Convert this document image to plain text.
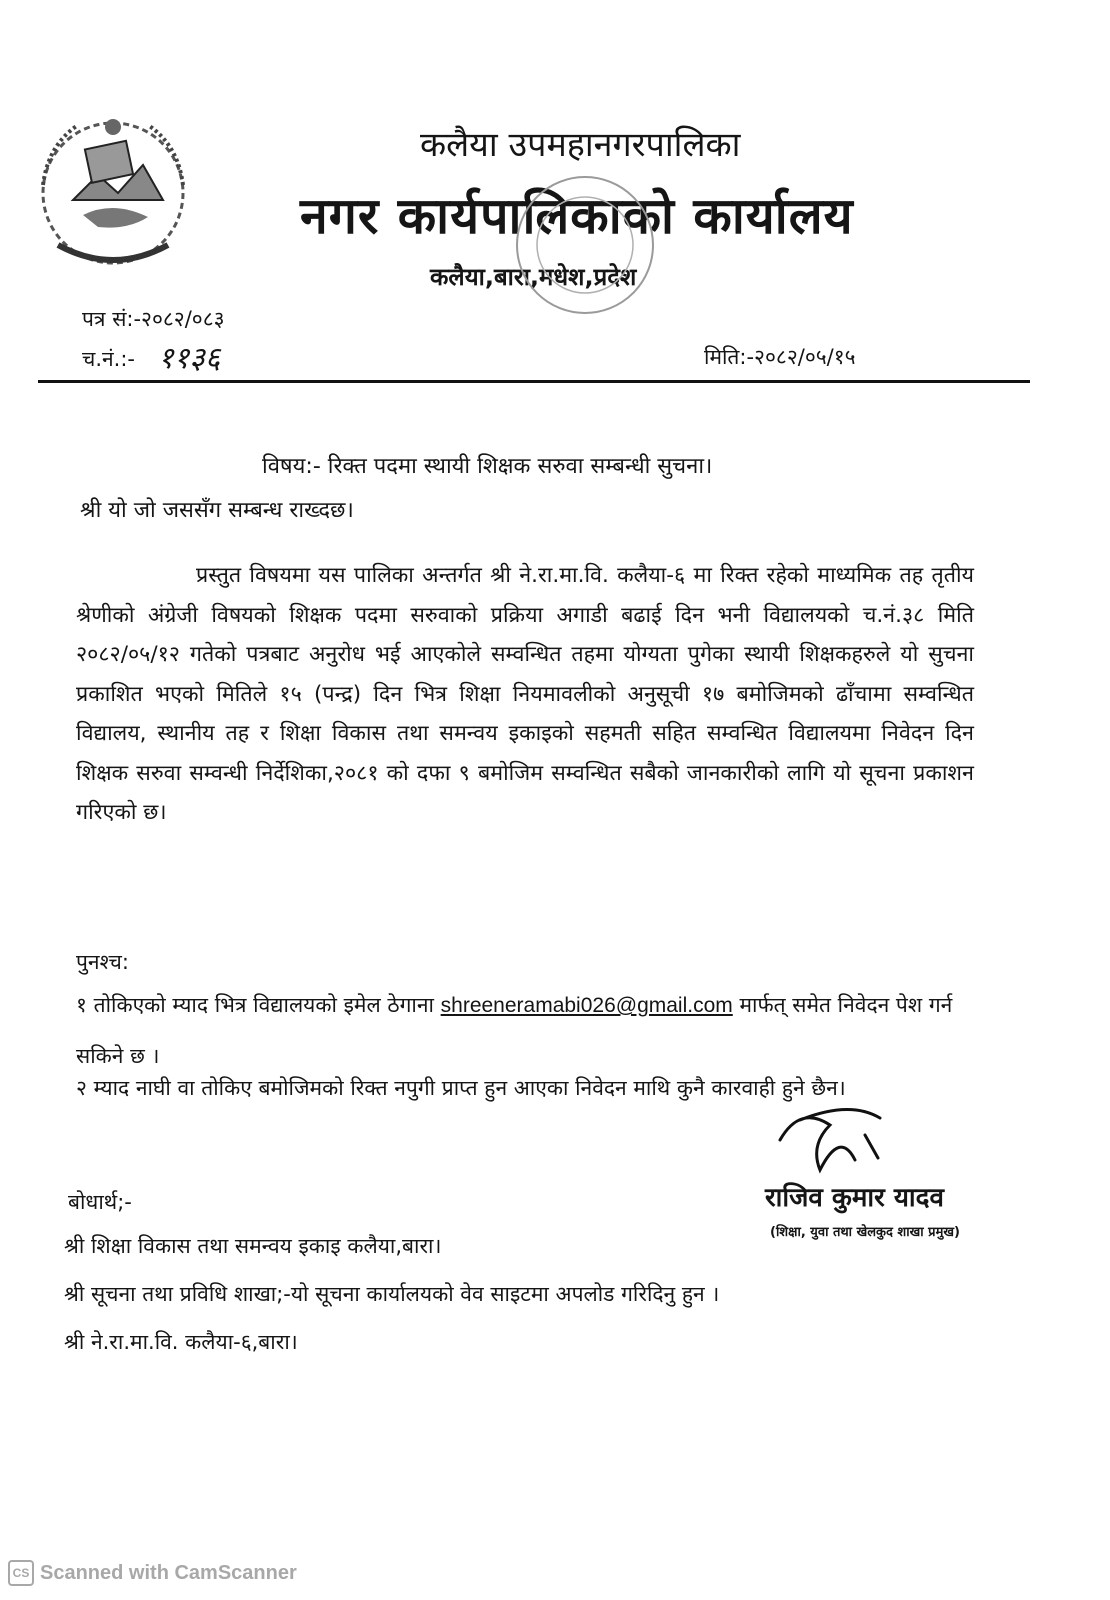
कलैया उपमहानगरपालिका
नगर कार्यपालिकाको कार्यालय
कलैया,बारा,मधेश,प्रदेश
पत्र सं:-२०८२/०८३
च.नं.:- ११३६	मिति:-२०८२/०५/१५
विषय:- रिक्त पदमा स्थायी शिक्षक सरुवा सम्बन्धी सुचना।
श्री यो जो जससँग सम्बन्ध राख्दछ।
प्रस्तुत विषयमा यस पालिका अन्तर्गत श्री ने.रा.मा.वि. कलैया-६ मा रिक्त रहेको माध्यमिक तह तृतीय श्रेणीको अंग्रेजी विषयको शिक्षक पदमा सरुवाको प्रक्रिया अगाडी बढाई दिन भनी विद्यालयको च.नं.३८ मिति २०८२/०५/१२ गतेको पत्रबाट अनुरोध भई आएकोले सम्वन्धित तहमा योग्यता पुगेका स्थायी शिक्षकहरुले यो सुचना प्रकाशित भएको मितिले १५ (पन्द्र) दिन भित्र शिक्षा नियमावलीको अनुसूची १७ बमोजिमको ढाँचामा सम्वन्धित विद्यालय, स्थानीय तह र शिक्षा विकास तथा समन्वय इकाइको सहमती सहित सम्वन्धित विद्यालयमा निवेदन दिन शिक्षक सरुवा सम्वन्धी निर्देशिका,२०८१ को दफा ९ बमोजिम सम्वन्धित सबैको जानकारीको लागि यो सूचना प्रकाशन गरिएको छ।
पुनश्च:
१ तोकिएको म्याद भित्र विद्यालयको इमेल ठेगाना shreeneramabi026@gmail.com मार्फत् समेत निवेदन पेश गर्न सकिने छ ।
२ म्याद नाघी वा तोकिए बमोजिमको रिक्त नपुगी प्राप्त हुन आएका निवेदन माथि कुनै कारवाही हुने छैन।
राजिव कुमार यादव
(शिक्षा, युवा तथा खेलकुद शाखा प्रमुख)
बोधार्थ;-
श्री शिक्षा विकास तथा समन्वय इकाइ कलैया,बारा।
श्री सूचना तथा प्रविधि शाखा;-यो सूचना कार्यालयको वेव साइटमा अपलोड गरिदिनु हुन ।
श्री ने.रा.मा.वि. कलैया-६,बारा।
CS Scanned with CamScanner
